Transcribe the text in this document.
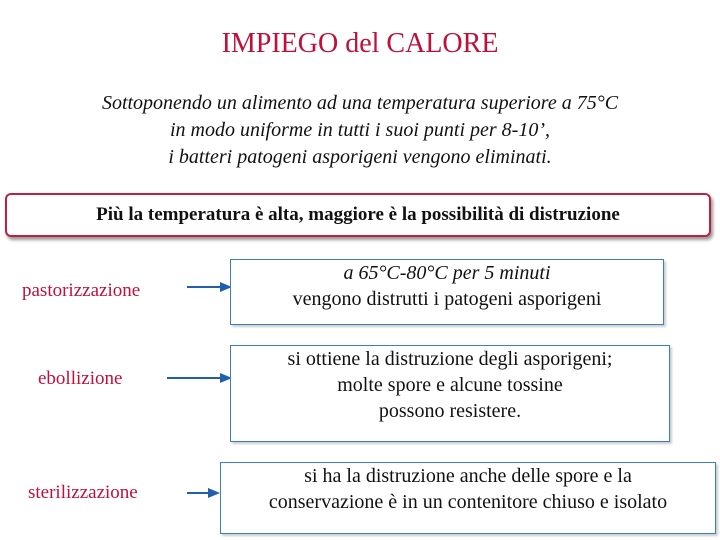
IMPIEGO del CALORE
Sottoponendo un alimento ad una temperatura superiore a 75°C
in modo uniforme in tutti i suoi punti per 8-10’,
i batteri patogeni asporigeni vengono eliminati.
Più la temperatura è alta, maggiore è la possibilità di distruzione
pastorizzazione
a 65°C-80°C per 5 minuti
vengono distrutti i patogeni asporigeni
ebollizione
si ottiene la distruzione degli asporigeni;
molte spore e alcune tossine
possono resistere.
sterilizzazione
si ha la distruzione anche delle spore e la
conservazione è in un contenitore chiuso e isolato
